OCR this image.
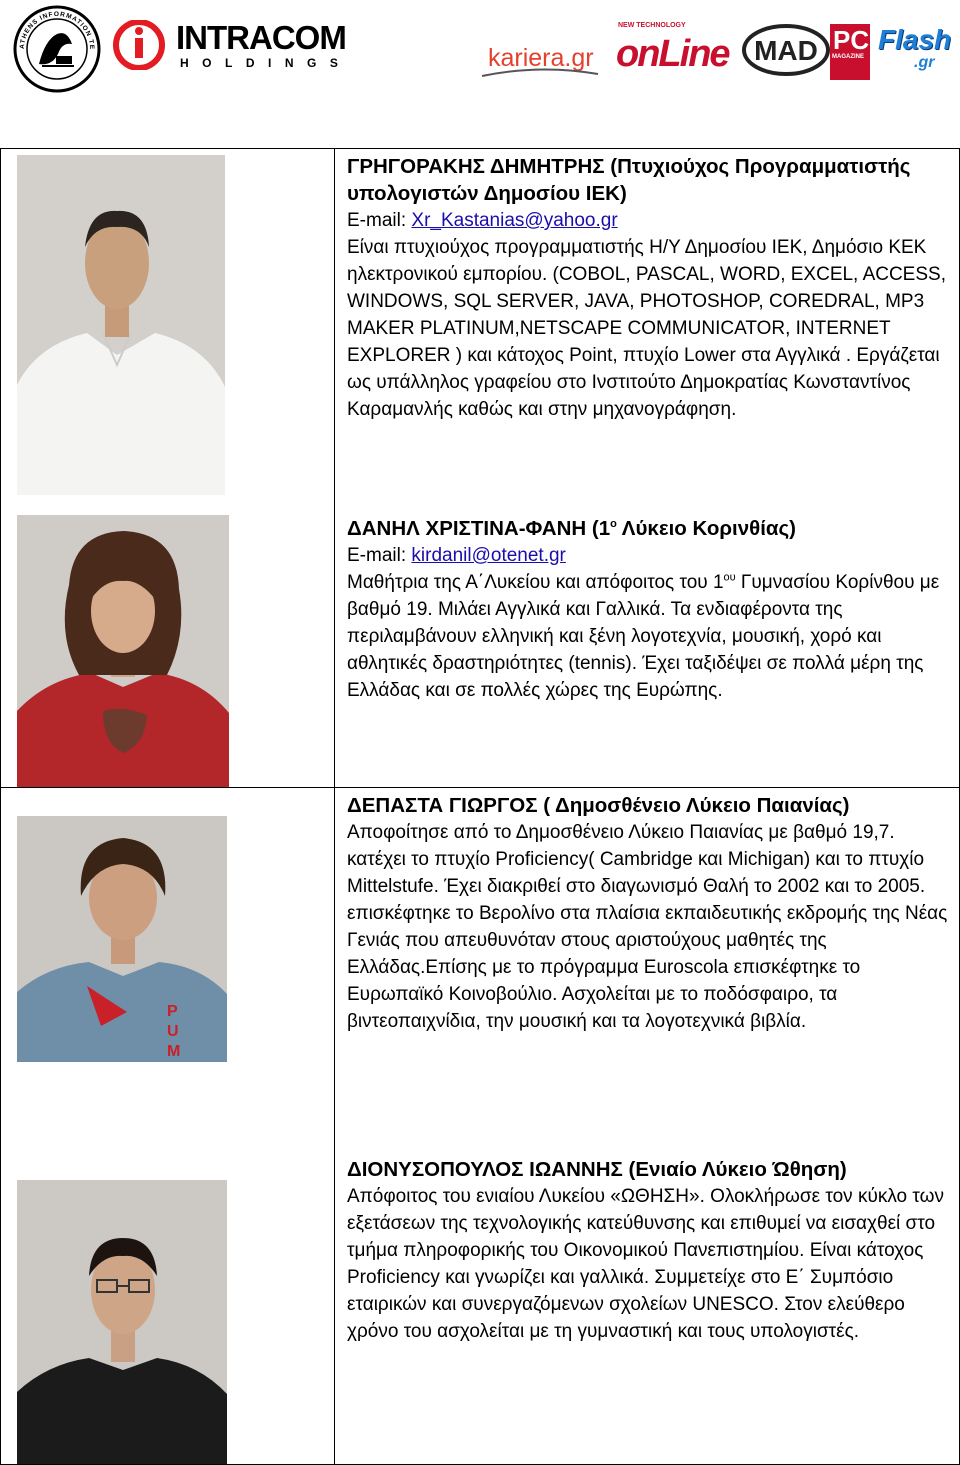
ATHENS INFORMATION TE INTRACOM
HOLDINGS	kariera.gr
NEW TECHNOLOGY
onLine MAD PC
MAGAZINE
Flash
.gr

ΓΡΗΓΟΡΑΚΗΣ ΔΗΜΗΤΡΗΣ (Πτυχιούχος Προγραμματιστής υπολογιστών Δημοσίου ΙΕΚ)

E-mail: Xr_Kastanias@yahoo.gr

Είναι πτυχιούχος προγραμματιστής Η/Υ Δημοσίου ΙΕΚ, Δημόσιο ΚΕΚ ηλεκτρονικού εμπορίου. (COBOL, PASCAL, WORD, EXCEL, ACCESS, WINDOWS, SQL SERVER, JAVA, PHOTOSHOP, COREDRAL, MP3 MAKER PLATINUM,NETSCAPE COMMUNICATOR, INTERNET EXPLORER ) και κάτοχος Point, πτυχίο Lower στα Αγγλικά . Εργάζεται ως υπάλληλος γραφείου στο Ινστιτούτο Δημοκρατίας Κωνσταντίνος Καραμανλής καθώς και στην μηχανογράφηση.

ΔΑΝΗΛ ΧΡΙΣΤΙΝΑ-ΦΑΝΗ ($1^o$ Λύκειο Κορινθίας)

E-mail: kirdanil@otenet.gr

Μαθήτρια της Α΄Λυκείου και απόφοιτος του $1^{o\upsilon}$ Γυμνασίου Κορίνθου με βαθμό 19. Μιλάει Αγγλικά και Γαλλικά. Τα ενδιαφέροντα της περιλαμβάνουν ελληνική και ξένη λογοτεχνία, μουσική, χορό και αθλητικές δραστηριότητες (tennis). Έχει ταξιδέψει σε πολλά μέρη της Ελλάδας και σε πολλές χώρες της Ευρώπης.

P
U
M

ΔΕΠΑΣΤΑ ΓΙΩΡΓΟΣ ( Δημοσθένειο Λύκειο Παιανίας)

Αποφοίτησε από το Δημοσθένειο Λύκειο Παιανίας με βαθμό 19,7. κατέχει το πτυχίο Proficiency( Cambridge και Michigan) και το πτυχίο Mittelstufe. Έχει διακριθεί στο διαγωνισμό Θαλή το 2002 και το 2005. επισκέφτηκε το Βερολίνο στα πλαίσια εκπαιδευτικής εκδρομής της Νέας Γενιάς που απευθυνόταν στους αριστούχους μαθητές της Ελλάδας.Επίσης με το πρόγραμμα Euroscola επισκέφτηκε το Ευρωπαϊκό Κοινοβούλιο. Ασχολείται με το ποδόσφαιρο, τα βιντεοπαιχνίδια, την μουσική και τα λογοτεχνικά βιβλία.

ΔΙΟΝΥΣΟΠΟΥΛΟΣ ΙΩΑΝΝΗΣ (Ενιαίο Λύκειο Ώθηση)

Απόφοιτος του ενιαίου Λυκείου «ΩΘΗΣΗ». Ολοκλήρωσε τον κύκλο των εξετάσεων της τεχνολογικής κατεύθυνσης και επιθυμεί να εισαχθεί στο τμήμα πληροφορικής του Οικονομικού Πανεπιστημίου. Είναι κάτοχος Proficiency και γνωρίζει και γαλλικά. Συμμετείχε στο Ε΄ Συμπόσιο εταιρικών και συνεργαζόμενων σχολείων UNESCO. Στον ελεύθερο χρόνο του ασχολείται με τη γυμναστική και τους υπολογιστές.
